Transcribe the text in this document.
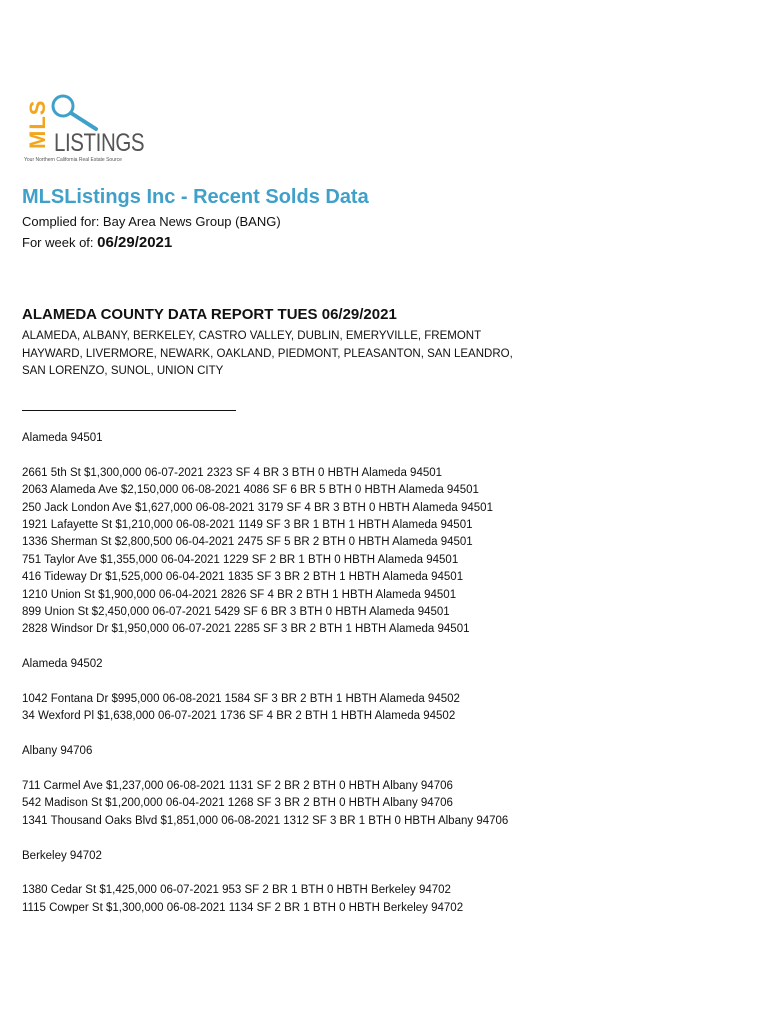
MLS LISTINGS
Your Northern California Real Estate Source
MLSListings Inc - Recent Solds Data
Complied for: Bay Area News Group (BANG)
For week of: 06/29/2021
ALAMEDA COUNTY DATA REPORT TUES 06/29/2021
ALAMEDA, ALBANY, BERKELEY, CASTRO VALLEY, DUBLIN, EMERYVILLE, FREMONT
HAYWARD, LIVERMORE, NEWARK, OAKLAND, PIEDMONT, PLEASANTON, SAN LEANDRO,
SAN LORENZO, SUNOL, UNION CITY
Alameda 94501
2661 5th St $1,300,000 06-07-2021 2323 SF 4 BR 3 BTH 0 HBTH Alameda 94501
2063 Alameda Ave $2,150,000 06-08-2021 4086 SF 6 BR 5 BTH 0 HBTH Alameda 94501
250 Jack London Ave $1,627,000 06-08-2021 3179 SF 4 BR 3 BTH 0 HBTH Alameda 94501
1921 Lafayette St $1,210,000 06-08-2021 1149 SF 3 BR 1 BTH 1 HBTH Alameda 94501
1336 Sherman St $2,800,500 06-04-2021 2475 SF 5 BR 2 BTH 0 HBTH Alameda 94501
751 Taylor Ave $1,355,000 06-04-2021 1229 SF 2 BR 1 BTH 0 HBTH Alameda 94501
416 Tideway Dr $1,525,000 06-04-2021 1835 SF 3 BR 2 BTH 1 HBTH Alameda 94501
1210 Union St $1,900,000 06-04-2021 2826 SF 4 BR 2 BTH 1 HBTH Alameda 94501
899 Union St $2,450,000 06-07-2021 5429 SF 6 BR 3 BTH 0 HBTH Alameda 94501
2828 Windsor Dr $1,950,000 06-07-2021 2285 SF 3 BR 2 BTH 1 HBTH Alameda 94501
Alameda 94502
1042 Fontana Dr $995,000 06-08-2021 1584 SF 3 BR 2 BTH 1 HBTH Alameda 94502
34 Wexford Pl $1,638,000 06-07-2021 1736 SF 4 BR 2 BTH 1 HBTH Alameda 94502
Albany 94706
711 Carmel Ave $1,237,000 06-08-2021 1131 SF 2 BR 2 BTH 0 HBTH Albany 94706
542 Madison St $1,200,000 06-04-2021 1268 SF 3 BR 2 BTH 0 HBTH Albany 94706
1341 Thousand Oaks Blvd $1,851,000 06-08-2021 1312 SF 3 BR 1 BTH 0 HBTH Albany 94706
Berkeley 94702
1380 Cedar St $1,425,000 06-07-2021 953 SF 2 BR 1 BTH 0 HBTH Berkeley 94702
1115 Cowper St $1,300,000 06-08-2021 1134 SF 2 BR 1 BTH 0 HBTH Berkeley 94702
